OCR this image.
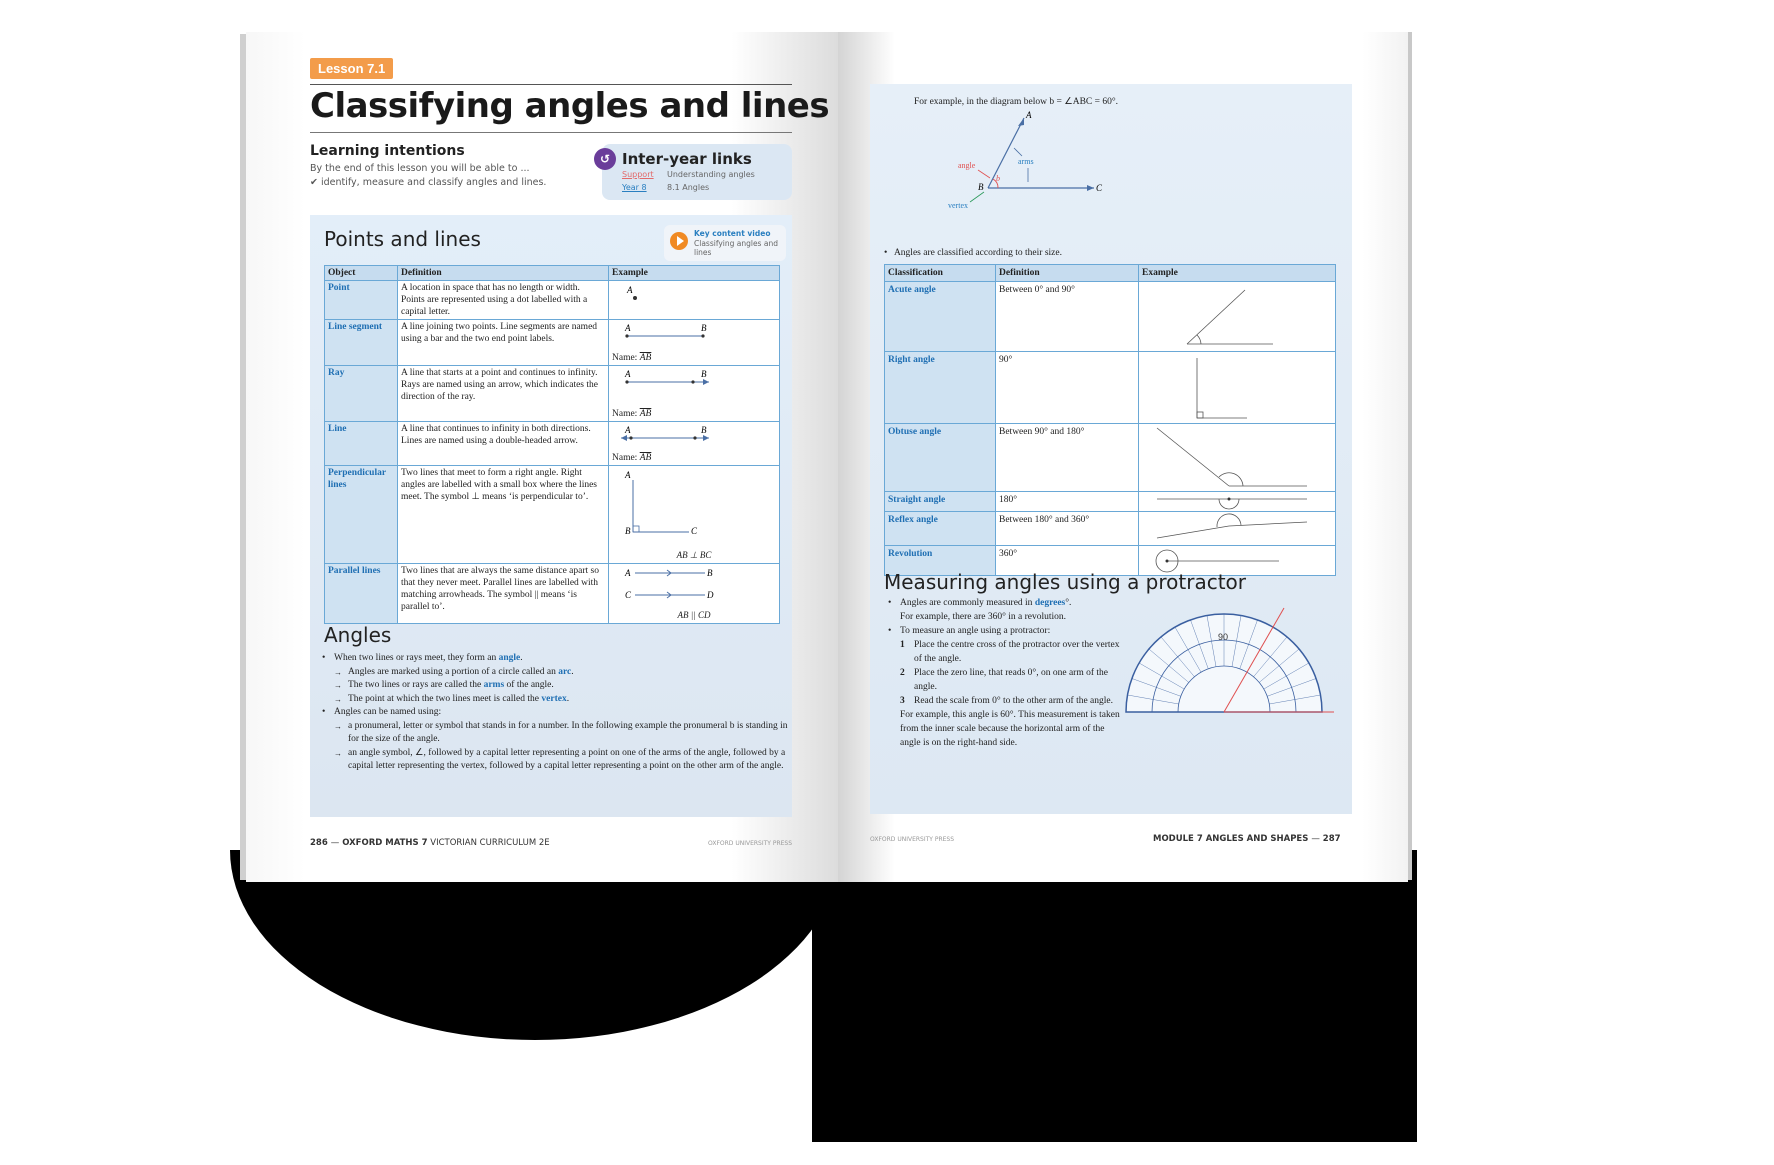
Lesson 7.1
Classifying angles and lines
Learning intentions
By the end of this lesson you will be able to ...
✔ identify, measure and classify angles and lines.
↺ Inter-year links
Support Understanding angles
Year 8	8.1 Angles
Points and lines	Key content video
Classifying angles and lines
Object	Definition	Example
Point	A location in space that has no length or width. Points are represented using a dot labelled with a capital letter.	A

Line segment	A line joining two points. Line segments are named using a bar and the two end point labels.	A B
Name: $\overline{AB}$

Ray	A line that starts at a point and continues to infinity. Rays are named using an arrow, which indicates the direction of the ray.	A B
Name: $\overline{AB}$

Line	A line that continues to infinity in both directions. Lines are named using a double-headed arrow.	A B
Name: $\overline{AB}$

Perpendicular lines	Two lines that meet to form a right angle. Right angles are labelled with a small box where the lines meet. The symbol ⊥ means ‘is perpendicular to’.	A
B C
AB ⊥ BC

Parallel lines	Two lines that are always the same distance apart so that they never meet. Parallel lines are labelled with matching arrowheads. The symbol || means ‘is parallel to’.	A B
C D
AB || CD
Angles
• When two lines or rays meet, they form an angle.
→ Angles are marked using a portion of a circle called an arc.
→ The two lines or rays are called the arms of the angle.
→ The point at which the two lines meet is called the vertex.
• Angles can be named using:
→ a pronumeral, letter or symbol that stands in for a number. In the following example the pronumeral b is standing in for the size of the angle.
→ an angle symbol, ∠, followed by a capital letter representing a point on one of the arms of the angle, followed by a capital letter representing the vertex, followed by a capital letter representing a point on the other arm of the angle.
286 — OXFORD MATHS 7 VICTORIAN CURRICULUM 2E	OXFORD UNIVERSITY PRESS
For example, in the diagram below b = ∠ABC = 60°.
A
B	C
b
angle	arms
vertex
•   Angles are classified according to their size.
Classification	Definition	Example
Acute angle	Between 0° and 90°	

Right angle	90°	

Obtuse angle	Between 90° and 180°	

Straight angle	180°	

Reflex angle	Between 180° and 360°	

Revolution	360°	
Measuring angles using a protractor
• Angles are commonly measured in degrees°.
For example, there are 360° in a revolution.
• To measure an angle using a protractor:
1 Place the centre cross of the protractor over the vertex of the angle.
2 Place the zero line, that reads 0°, on one arm of the angle.
3 Read the scale from 0° to the other arm of the angle.
For example, this angle is 60°. This measurement is taken from the inner scale because the horizontal arm of the angle is on the right-hand side.
90
OXFORD UNIVERSITY PRESS	MODULE 7 ANGLES AND SHAPES — 287
